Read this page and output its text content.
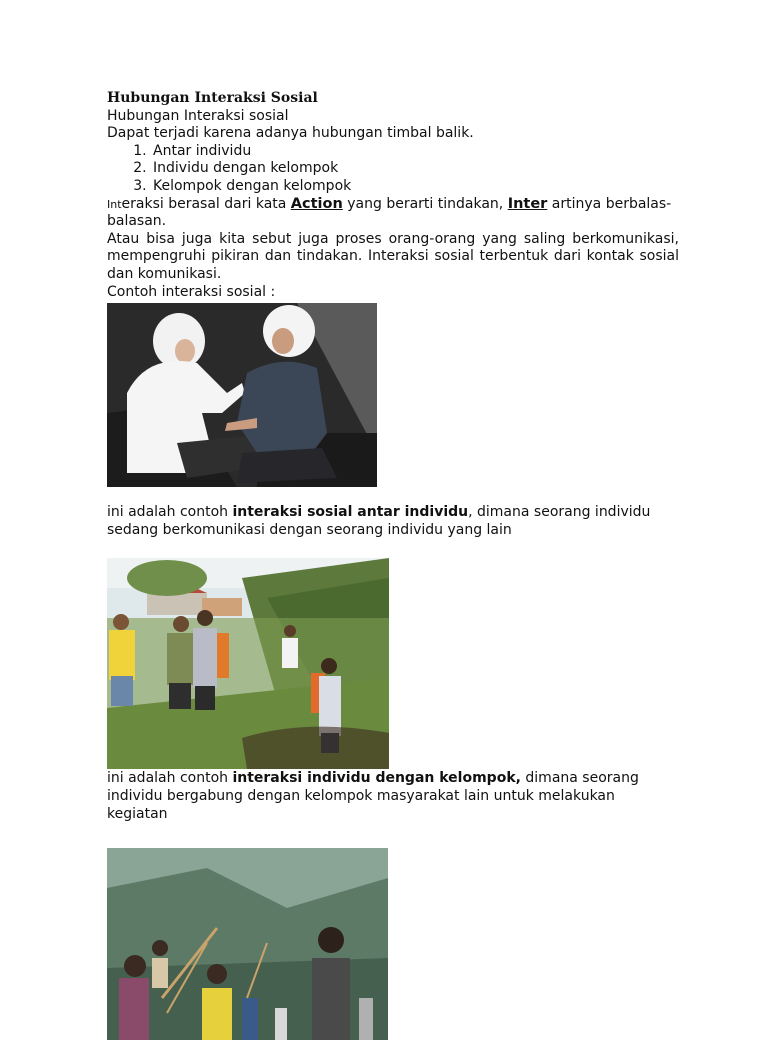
Hubungan Interaksi Sosial

Hubungan Interaksi sosial

Dapat terjadi karena adanya hubungan timbal balik.

1. Antar individu
2. Individu dengan kelompok
3. Kelompok dengan kelompok

Interaksi berasal dari kata Action yang berarti tindakan, Inter artinya berbalas-balasan.

Atau bisa juga kita sebut juga proses orang-orang yang saling berkomunikasi, mempengruhi pikiran dan tindakan. Interaksi sosial terbentuk dari kontak sosial dan komunikasi.

Contoh interaksi sosial :

ini adalah contoh interaksi sosial antar individu, dimana seorang individu sedang berkomunikasi dengan seorang individu yang lain

ini adalah contoh interaksi individu dengan kelompok, dimana seorang individu bergabung dengan kelompok masyarakat lain untuk melakukan kegiatan
